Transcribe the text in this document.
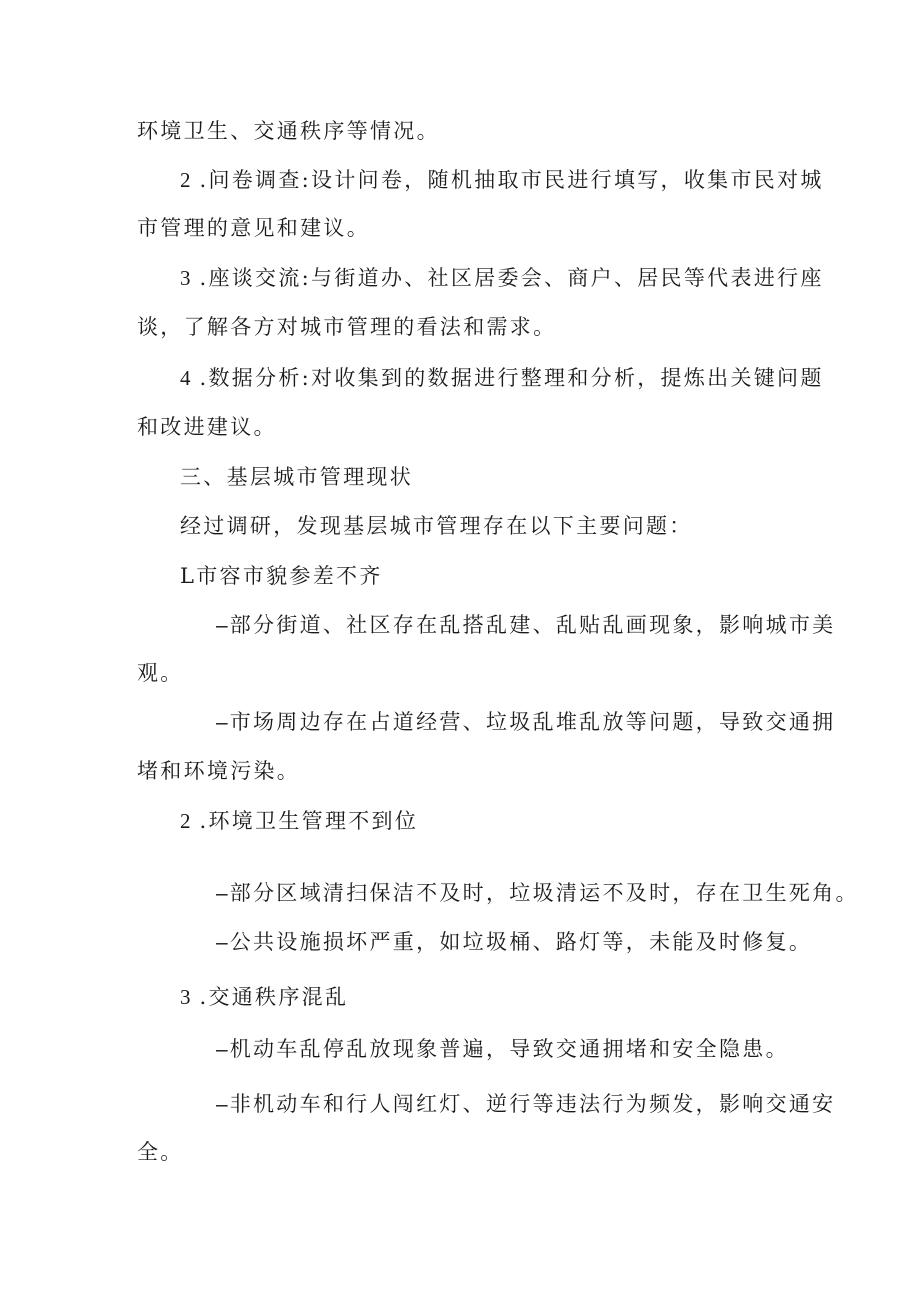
环境卫生、交通秩序等情况。
2 .问卷调查:设计问卷，随机抽取市民进行填写，收集市民对城
市管理的意见和建议。
3 .座谈交流:与街道办、社区居委会、商户、居民等代表进行座
谈，了解各方对城市管理的看法和需求。
4 .数据分析:对收集到的数据进行整理和分析，提炼出关键问题
和改进建议。
三、基层城市管理现状
经过调研，发现基层城市管理存在以下主要问题：
L市容市貌参差不齐
–部分街道、社区存在乱搭乱建、乱贴乱画现象，影响城市美
观。
–市场周边存在占道经营、垃圾乱堆乱放等问题，导致交通拥
堵和环境污染。
2 .环境卫生管理不到位
–部分区域清扫保洁不及时，垃圾清运不及时，存在卫生死角。
–公共设施损坏严重，如垃圾桶、路灯等，未能及时修复。
3 .交通秩序混乱
–机动车乱停乱放现象普遍，导致交通拥堵和安全隐患。
–非机动车和行人闯红灯、逆行等违法行为频发，影响交通安
全。
